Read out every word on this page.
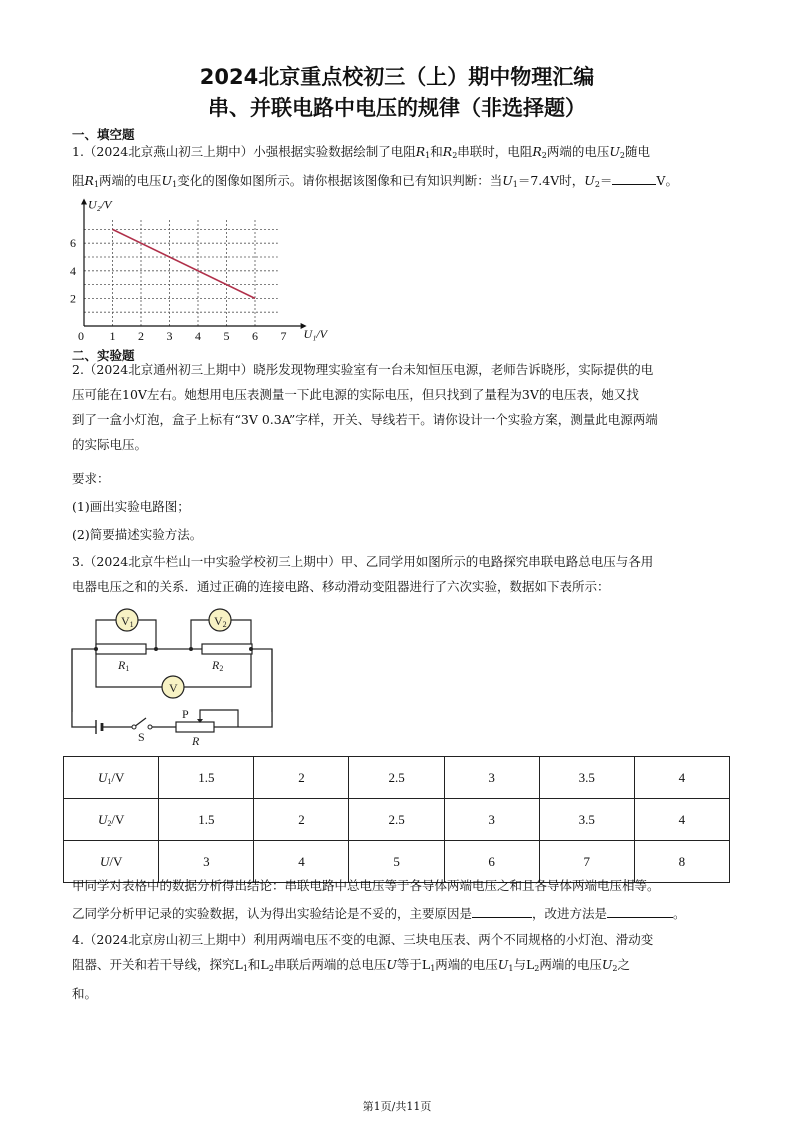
2024北京重点校初三（上）期中物理汇编
串、并联电路中电压的规律（非选择题）
一、填空题
1.（2024北京燕山初三上期中）小强根据实验数据绘制了电阻$R_1$和$R_2$串联时，电阻$R_2$两端的电压$U_2$随电
阻$R_1$两端的电压$U_1$变化的图像如图所示。请你根据该图像和已有知识判断：当$U_1=7.4V$时，$U_2=$	V。
0 1 2 3 4 5 6 7
2
4
6
U₁/V
U₂/V
二、实验题
2.（2024北京通州初三上期中）晓彤发现物理实验室有一台未知恒压电源，老师告诉晓彤，实际提供的电
压可能在10V左右。她想用电压表测量一下此电源的实际电压，但只找到了量程为3V的电压表，她又找
到了一盒小灯泡，盒子上标有“3V 0.3A”字样，开关、导线若干。请你设计一个实验方案，测量此电源两端
的实际电压。
要求：
(1)画出实验电路图；
(2)简要描述实验方法。
3.（2024北京牛栏山一中实验学校初三上期中）甲、乙同学用如图所示的电路探究串联电路总电压与各用
电器电压之和的关系．通过正确的连接电路、移动滑动变阻器进行了六次实验，数据如下表所示：
V1	V2
V
R1	R2
S
P
R
$U_1/V$	1.5	2	2.5	3	3.5	4
$U_2/V$	1.5	2	2.5	3	3.5	4
U/V	3	4	5	6	7	8
甲同学对表格中的数据分析得出结论：串联电路中总电压等于各导体两端电压之和且各导体两端电压相等。
乙同学分析甲记录的实验数据，认为得出实验结论是不妥的，主要原因是	，改进方法是	。
4.（2024北京房山初三上期中）利用两端电压不变的电源、三块电压表、两个不同规格的小灯泡、滑动变
阻器、开关和若干导线，探究$L_1$和$L_2$串联后两端的总电压U等于$L_1$两端的电压$U_1$与$L_2$两端的电压$U_2$之
和。
第1页/共11页
